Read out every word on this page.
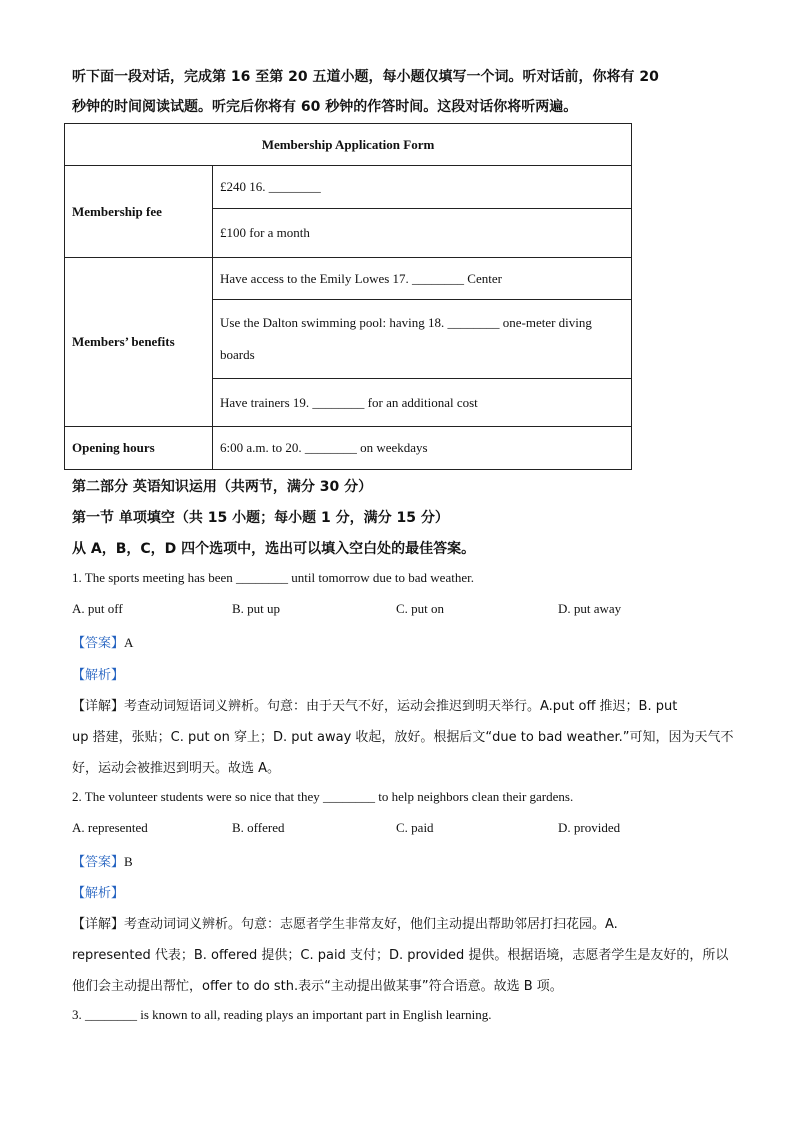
听下面一段对话，完成第 16 至第 20 五道小题，每小题仅填写一个词。听对话前，你将有 20
秒钟的时间阅读试题。听完后你将有 60 秒钟的作答时间。这段对话你将听两遍。
Membership Application Form	
Membership fee	£240 16. ________
	£100 for a month
Members’ benefits	Have access to the Emily Lowes 17. ________ Center
	Use the Dalton swimming pool: having 18. ________ one-meter diving boards
	Have trainers 19. ________ for an additional cost
Opening hours	6:00 a.m. to 20. ________ on weekdays
第二部分 英语知识运用（共两节，满分 30 分）
第一节 单项填空（共 15 小题；每小题 1 分，满分 15 分）
从 A，B，C，D 四个选项中，选出可以填入空白处的最佳答案。
1. The sports meeting has been ________ until tomorrow due to bad weather.
A. put off	B. put up	C. put on	D. put away
【答案】A
【解析】
【详解】考查动词短语词义辨析。句意：由于天气不好，运动会推迟到明天举行。A.put off 推迟；B. put
up 搭建，张贴；C. put on 穿上；D. put away 收起，放好。根据后文“due to bad weather.”可知，因为天气不
好，运动会被推迟到明天。故选 A。
2. The volunteer students were so nice that they ________ to help neighbors clean their gardens.
A. represented	B. offered	C. paid	D. provided
【答案】B
【解析】
【详解】考查动词词义辨析。句意：志愿者学生非常友好，他们主动提出帮助邻居打扫花园。A.
represented 代表；B. offered 提供；C. paid 支付；D. provided 提供。根据语境，志愿者学生是友好的，所以
他们会主动提出帮忙，offer to do sth.表示“主动提出做某事”符合语意。故选 B 项。
3. ________ is known to all, reading plays an important part in English learning.
